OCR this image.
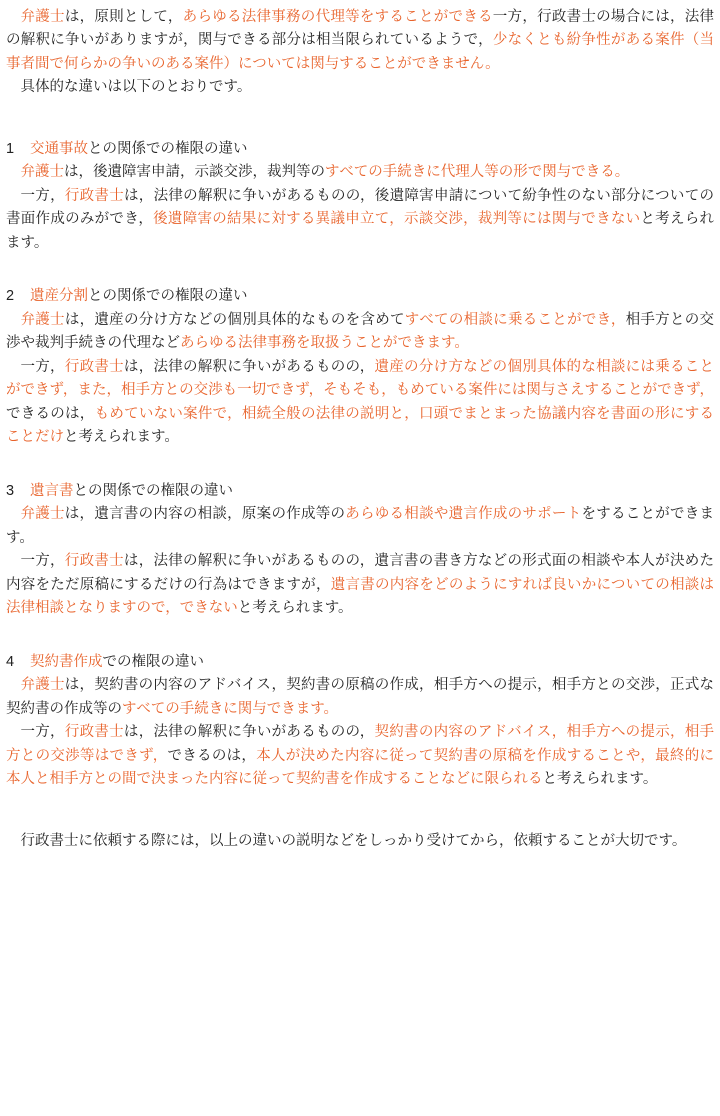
弁護士は，原則として，あらゆる法律事務の代理等をすることができる一方，行政書士の場合には，法律の解釈に争いがありますが，関与できる部分は相当限られているようで，少なくとも紛争性がある案件（当事者間で何らかの争いのある案件）については関与することができません。

具体的な違いは以下のとおりです。

1	交通事故との関係での権限の違い

弁護士は，後遺障害申請，示談交渉，裁判等のすべての手続きに代理人等の形で関与できる。

一方，行政書士は，法律の解釈に争いがあるものの，後遺障害申請について紛争性のない部分についての書面作成のみができ，後遺障害の結果に対する異議申立て，示談交渉，裁判等には関与できないと考えられます。

2	遺産分割との関係での権限の違い

弁護士は，遺産の分け方などの個別具体的なものを含めてすべての相談に乗ることができ，相手方との交渉や裁判手続きの代理などあらゆる法律事務を取扱うことができます。

一方，行政書士は，法律の解釈に争いがあるものの，遺産の分け方などの個別具体的な相談には乗ることができず，また，相手方との交渉も一切できず，そもそも，もめている案件には関与さえすることができず，できるのは，もめていない案件で，相続全般の法律の説明と，口頭でまとまった協議内容を書面の形にすることだけと考えられます。

3	遺言書との関係での権限の違い

弁護士は，遺言書の内容の相談，原案の作成等のあらゆる相談や遺言作成のサポートをすることができます。

一方，行政書士は，法律の解釈に争いがあるものの，遺言書の書き方などの形式面の相談や本人が決めた内容をただ原稿にするだけの行為はできますが，遺言書の内容をどのようにすれば良いかについての相談は法律相談となりますので，できないと考えられます。

4	契約書作成での権限の違い

弁護士は，契約書の内容のアドバイス，契約書の原稿の作成，相手方への提示，相手方との交渉，正式な契約書の作成等のすべての手続きに関与できます。

一方，行政書士は，法律の解釈に争いがあるものの，契約書の内容のアドバイス，相手方への提示，相手方との交渉等はできず，できるのは，本人が決めた内容に従って契約書の原稿を作成することや，最終的に本人と相手方との間で決まった内容に従って契約書を作成することなどに限られると考えられます。

行政書士に依頼する際には，以上の違いの説明などをしっかり受けてから，依頼することが大切です。
